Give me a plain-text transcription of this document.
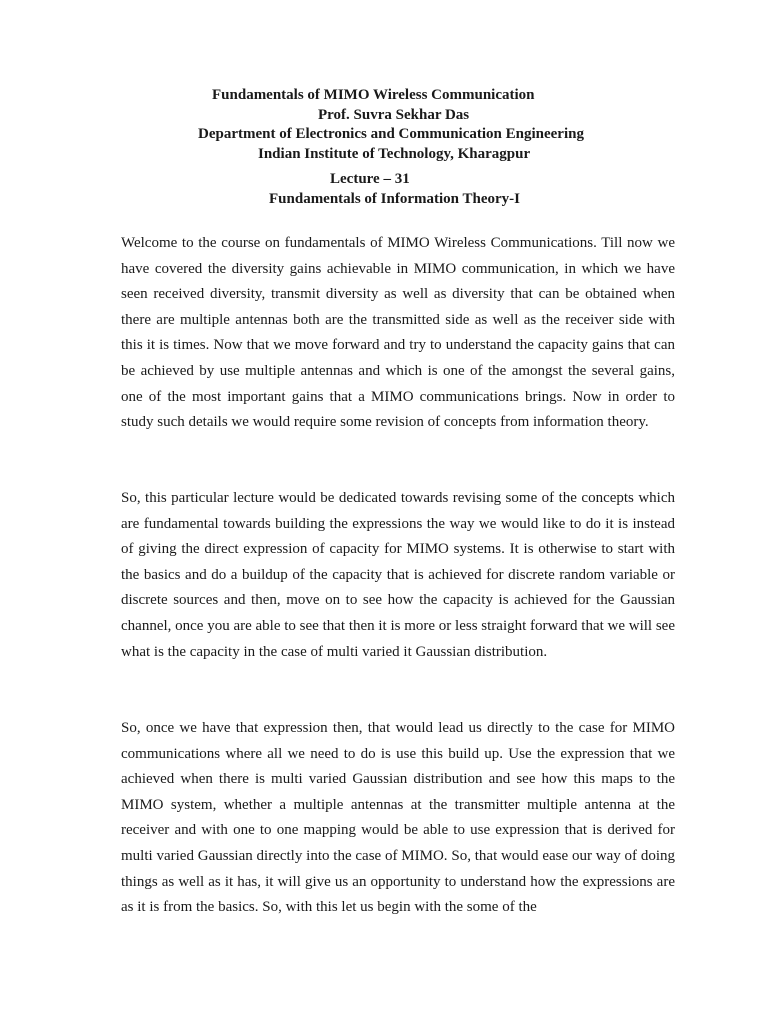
Fundamentals of MIMO Wireless Communication
Prof. Suvra Sekhar Das
Department of Electronics and Communication Engineering
Indian Institute of Technology, Kharagpur
Lecture – 31
Fundamentals of Information Theory-I

Welcome to the course on fundamentals of MIMO Wireless Communications. Till now we have covered the diversity gains achievable in MIMO communication, in which we have seen received diversity, transmit diversity as well as diversity that can be obtained when there are multiple antennas both are the transmitted side as well as the receiver side with this it is times. Now that we move forward and try to understand the capacity gains that can be achieved by use multiple antennas and which is one of the amongst the several gains, one of the most important gains that a MIMO communications brings. Now in order to study such details we would require some revision of concepts from information theory.

So, this particular lecture would be dedicated towards revising some of the concepts which are fundamental towards building the expressions the way we would like to do it is instead of giving the direct expression of capacity for MIMO systems. It is otherwise to start with the basics and do a buildup of the capacity that is achieved for discrete random variable or discrete sources and then, move on to see how the capacity is achieved for the Gaussian channel, once you are able to see that then it is more or less straight forward that we will see what is the capacity in the case of multi varied it Gaussian distribution.

So, once we have that expression then, that would lead us directly to the case for MIMO communications where all we need to do is use this build up. Use the expression that we achieved when there is multi varied Gaussian distribution and see how this maps to the MIMO system, whether a multiple antennas at the transmitter multiple antenna at the receiver and with one to one mapping would be able to use expression that is derived for multi varied Gaussian directly into the case of MIMO. So, that would ease our way of doing things as well as it has, it will give us an opportunity to understand how the expressions are as it is from the basics. So, with this let us begin with the some of the
